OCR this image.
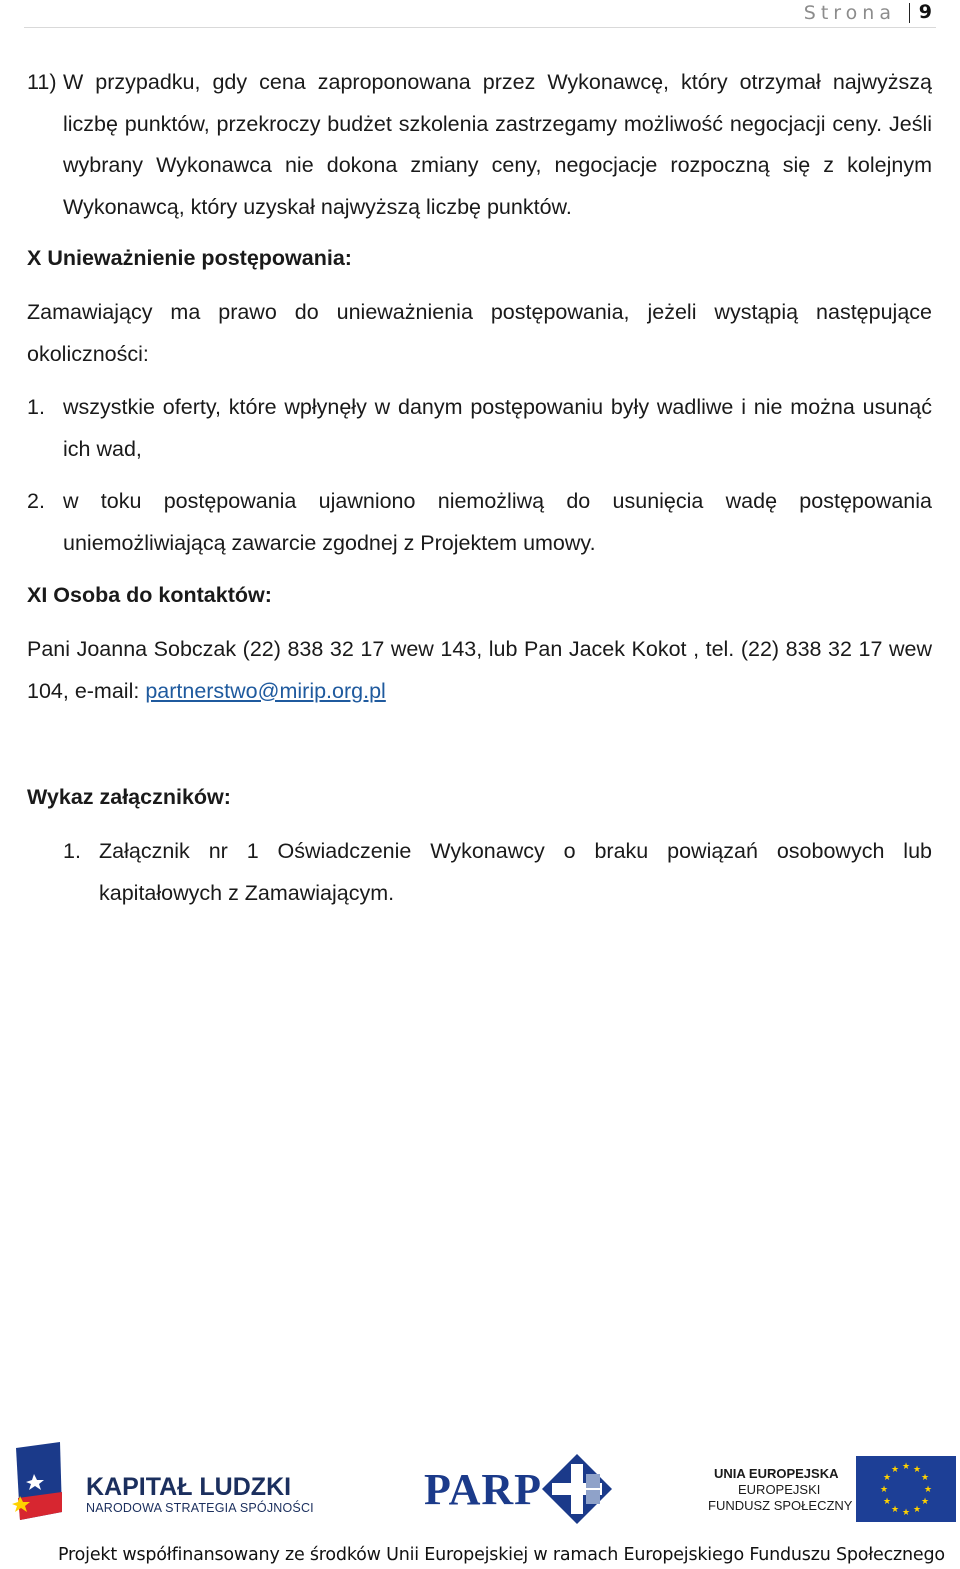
Strona 9

11) W przypadku, gdy cena zaproponowana przez Wykonawcę, który otrzymał najwyższą liczbę punktów, przekroczy budżet szkolenia zastrzegamy możliwość negocjacji ceny. Jeśli wybrany Wykonawca nie dokona zmiany ceny, negocjacje rozpoczną się z kolejnym Wykonawcą, który uzyskał najwyższą liczbę punktów.

X Unieważnienie postępowania:

Zamawiający ma prawo do unieważnienia postępowania, jeżeli wystąpią następujące okoliczności:

1. wszystkie oferty, które wpłynęły w danym postępowaniu były wadliwe i nie można usunąć ich wad,

2. w toku postępowania ujawniono niemożliwą do usunięcia wadę postępowania uniemożliwiającą zawarcie zgodnej z Projektem umowy.

XI Osoba do kontaktów:

Pani Joanna Sobczak (22) 838 32 17 wew 143, lub Pan Jacek Kokot , tel. (22) 838 32 17 wew 104, e-mail: partnerstwo@mirip.org.pl

Wykaz załączników:

1. Załącznik nr 1 Oświadczenie Wykonawcy o braku powiązań osobowych lub kapitałowych z Zamawiającym.

KAPITAŁ LUDZKI
NARODOWA STRATEGIA SPÓJNOŚCI	PARP	UNIA EUROPEJSKA
EUROPEJSKI
FUNDUSZ SPOŁECZNY
★ ★
★
★
★
★
★
★
★
★
★
★
Projekt współfinansowany ze środków Unii Europejskiej w ramach Europejskiego Funduszu Społecznego
